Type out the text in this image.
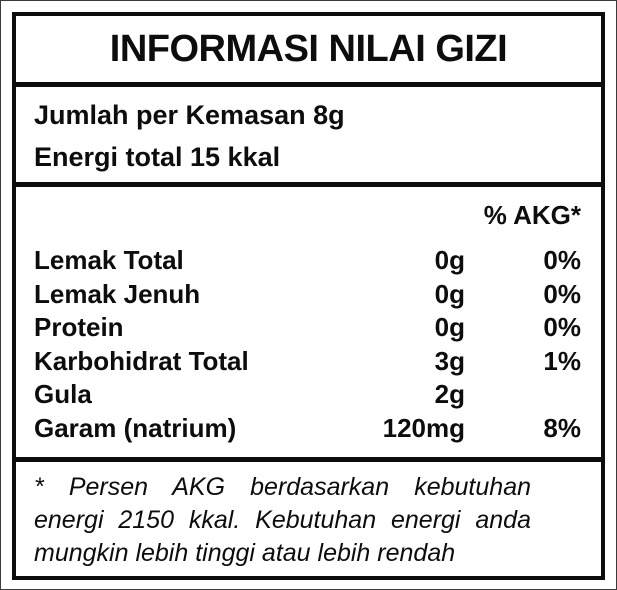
INFORMASI NILAI GIZI
Jumlah per Kemasan 8g
Energi total 15 kkal
% AKG*
Lemak Total	0g	0%
Lemak Jenuh	0g	0%
Protein	0g	0%
Karbohidrat Total	3g	1%
Gula	2g
Garam (natrium)	120mg	8%

* Persen AKG berdasarkan kebutuhan energi 2150 kkal. Kebutuhan energi anda mungkin lebih tinggi atau lebih rendah
